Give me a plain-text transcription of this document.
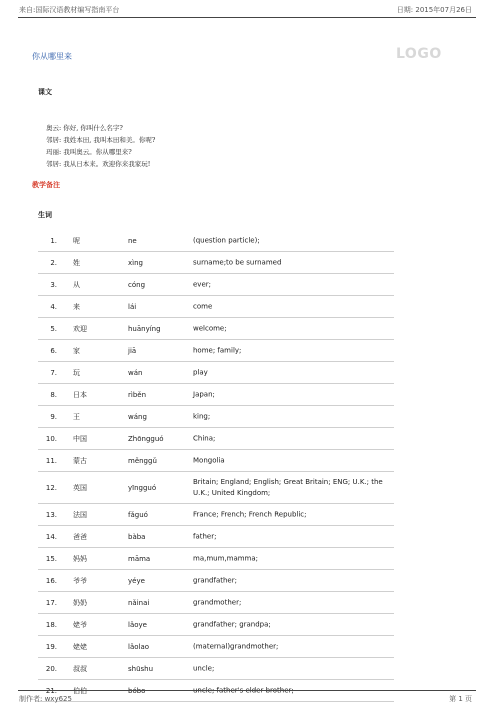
来自:国际汉语教材编写指南平台	日期: 2015年07月26日
你从哪里来	LOGO
课文
奥云: 你好, 你叫什么名字?
邻居: 我姓本田, 我叫本田和美。你呢?
玛丽: 我叫奥云。你从哪里来?
邻居: 我从日本来。欢迎你来我家玩!
教学备注
生词
1. 呢	ne	(question particle);
2. 姓	xìng	surname;to be surnamed
3. 从	cóng	ever;
4. 来	lái	come
5. 欢迎	huānyíng	welcome;
6. 家	jiā	home; family;
7. 玩	wán	play
8. 日本	rìběn	Japan;
9. 王	wáng	king;
10. 中国	Zhōngguó	China;
11. 蒙古	měnggǔ	Mongolia
12. 英国	yīngguó
Britain; England; English; Great Britain; ENG; U.K.; the U.K.; United Kingdom;
13. 法国	fǎguó	France; French; French Republic;
14. 爸爸	bàba	father;
15. 妈妈	māma	ma,mum,mamma;
16. 爷爷	yéye	grandfather;
17. 奶奶	nǎinai	grandmother;
18. 姥爷	lǎoye	grandfather; grandpa;
19. 姥姥	lǎolao	(maternal)grandmother;
20. 叔叔	shūshu	uncle;
21. 伯伯	bóbo	uncle; father's elder brother;
制作者: wxy625	第 1 页
